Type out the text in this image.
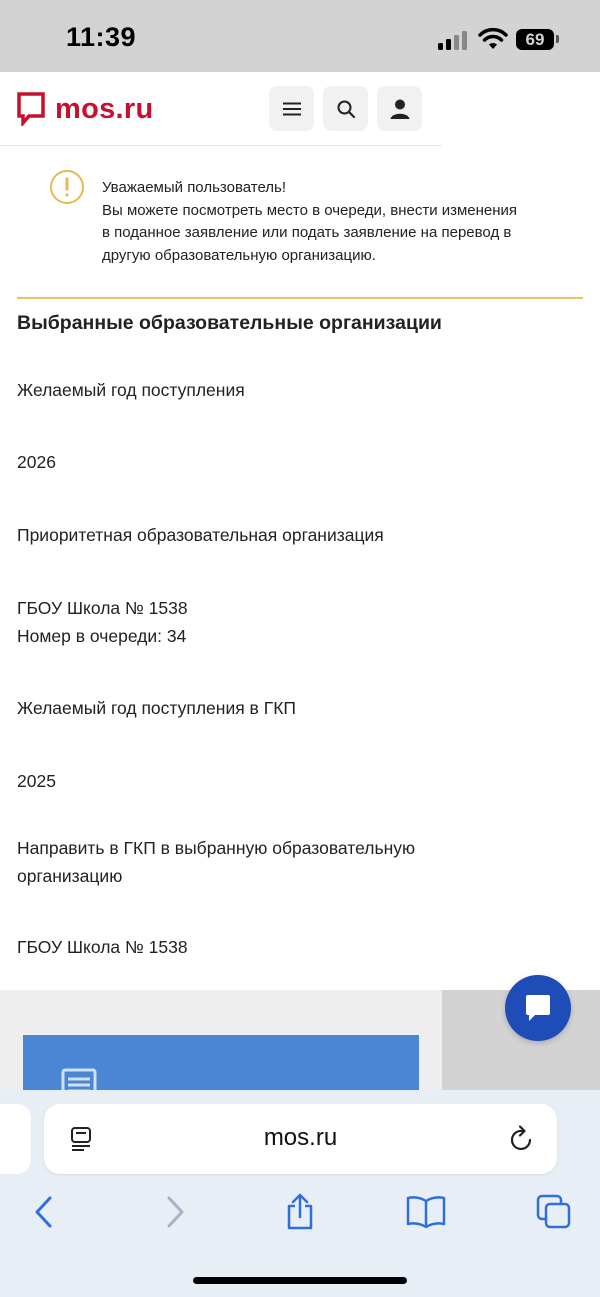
11:39	69
mos.ru

Уважаемый пользователь!

Вы можете посмотреть место в очереди, внести изменения

в поданное заявление или подать заявление на перевод в

другую образовательную организацию.

Выбранные образовательные организации

Желаемый год поступления

2026

Приоритетная образовательная организация

ГБОУ Школа № 1538

Номер в очереди: 34

Желаемый год поступления в ГКП

2025

Направить в ГКП в выбранную образовательную

организацию

ГБОУ Школа № 1538

mos.ru
